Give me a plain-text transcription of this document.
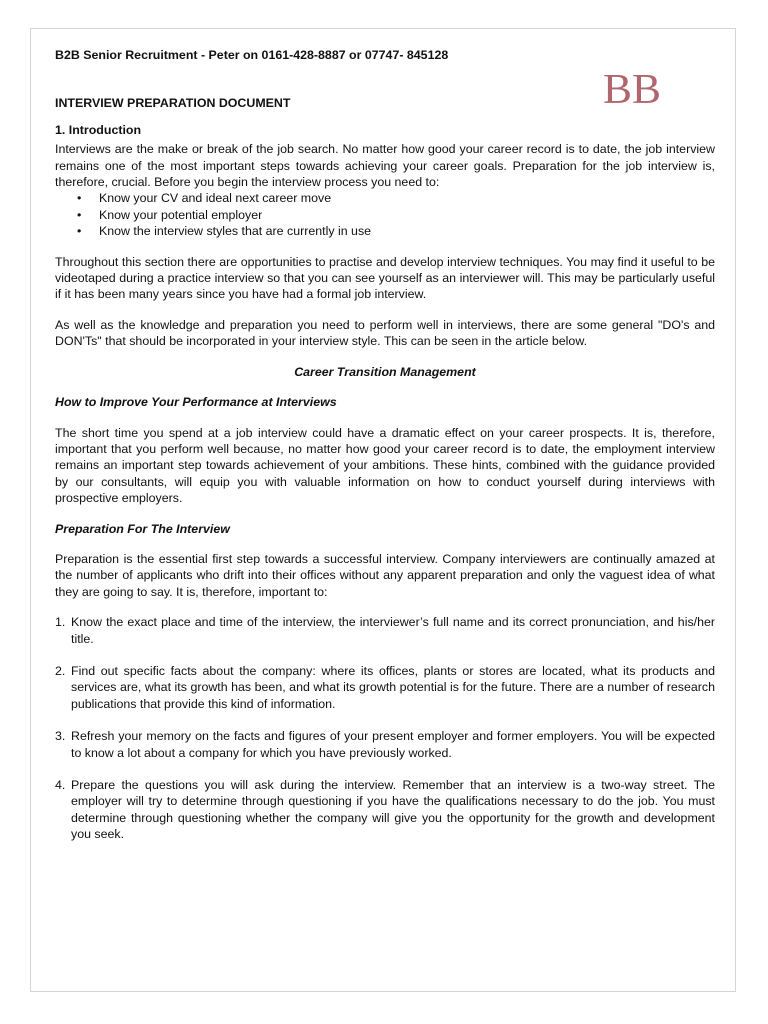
BB

B2B Senior Recruitment - Peter on 0161-428-8887 or 07747- 845128

INTERVIEW PREPARATION DOCUMENT

1. Introduction

Interviews are the make or break of the job search. No matter how good your career record is to date, the job interview remains one of the most important steps towards achieving your career goals. Preparation for the job interview is, therefore, crucial. Before you begin the interview process you need to:

• Know your CV and ideal next career move
• Know your potential employer
• Know the interview styles that are currently in use

Throughout this section there are opportunities to practise and develop interview techniques. You may find it useful to be videotaped during a practice interview so that you can see yourself as an interviewer will. This may be particularly useful if it has been many years since you have had a formal job interview.

As well as the knowledge and preparation you need to perform well in interviews, there are some general "DO's and DON'Ts" that should be incorporated in your interview style. This can be seen in the article below.

Career Transition Management

How to Improve Your Performance at Interviews

The short time you spend at a job interview could have a dramatic effect on your career prospects. It is, therefore, important that you perform well because, no matter how good your career record is to date, the employment interview remains an important step towards achievement of your ambitions. These hints, combined with the guidance provided by our consultants, will equip you with valuable information on how to conduct yourself during interviews with prospective employers.

Preparation For The Interview

Preparation is the essential first step towards a successful interview. Company interviewers are continually amazed at the number of applicants who drift into their offices without any apparent preparation and only the vaguest idea of what they are going to say. It is, therefore, important to:

1. Know the exact place and time of the interview, the interviewer’s full name and its correct pronunciation, and his/her title.
2. Find out specific facts about the company: where its offices, plants or stores are located, what its products and services are, what its growth has been, and what its growth potential is for the future. There are a number of research publications that provide this kind of information.
3. Refresh your memory on the facts and figures of your present employer and former employers. You will be expected to know a lot about a company for which you have previously worked.
4. Prepare the questions you will ask during the interview. Remember that an interview is a two-way street. The employer will try to determine through questioning if you have the qualifications necessary to do the job. You must determine through questioning whether the company will give you the opportunity for the growth and development you seek.
